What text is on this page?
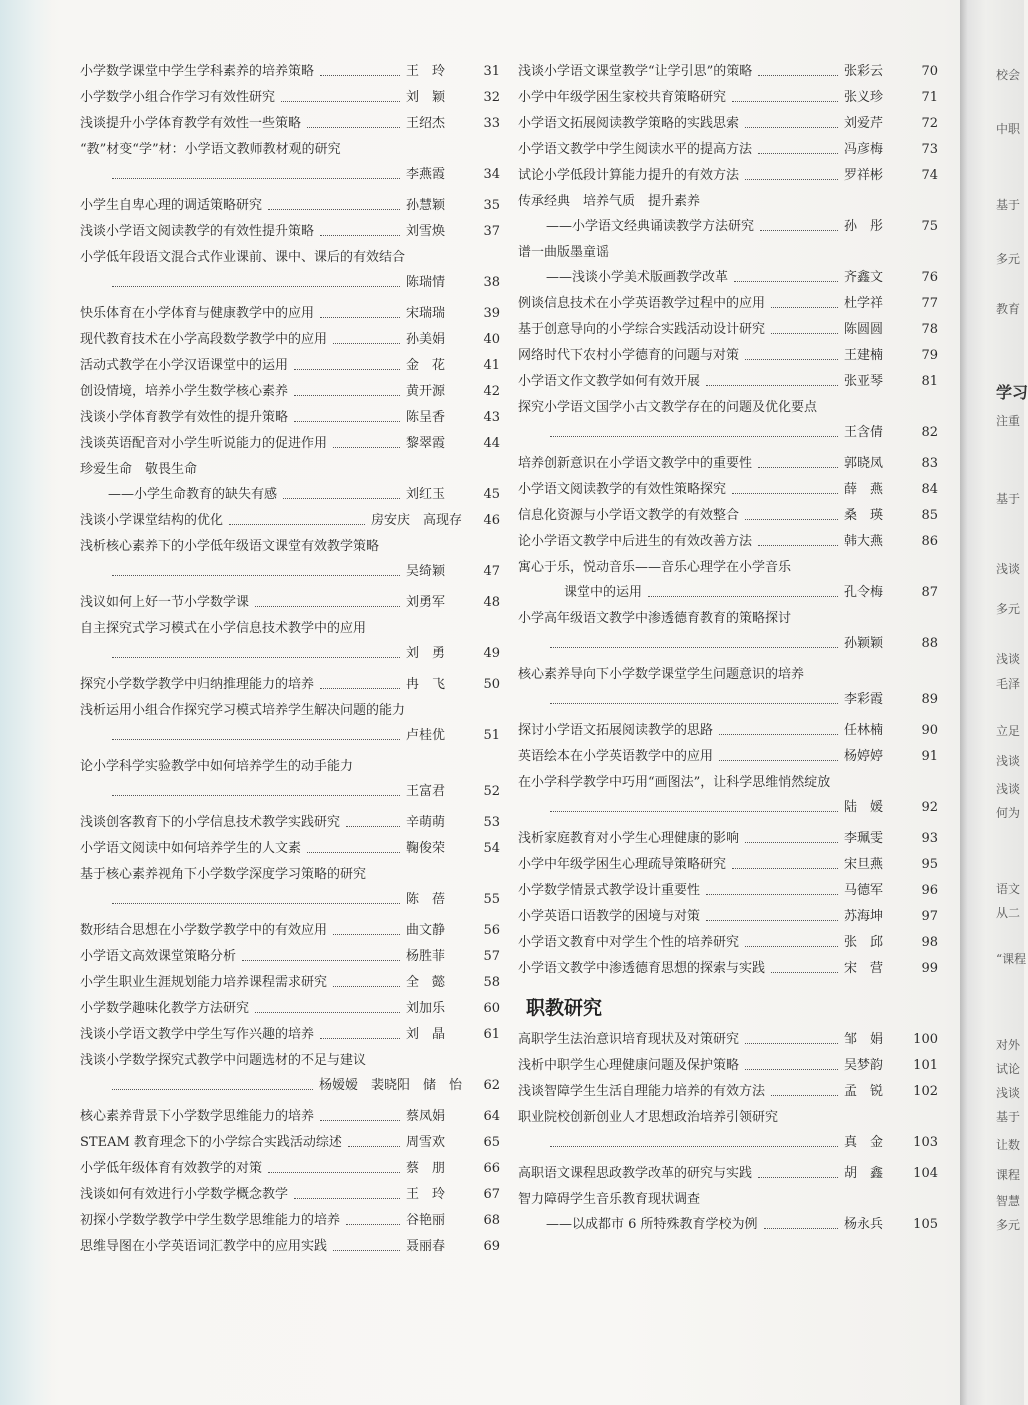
小学数学课堂中学生学科素养的培养策略	王　玲	31
小学数学小组合作学习有效性研究	刘　颖	32
浅谈提升小学体育教学有效性一些策略	王绍杰	33
“教”材变“学”材：小学语文教师教材观的研究
李燕霞	34
小学生自卑心理的调适策略研究	孙慧颖	35
浅谈小学语文阅读教学的有效性提升策略	刘雪焕	37
小学低年段语文混合式作业课前、课中、课后的有效结合
陈瑞情	38
快乐体育在小学体育与健康教学中的应用	宋瑞瑞	39
现代教育技术在小学高段数学教学中的应用	孙美娟	40
活动式教学在小学汉语课堂中的运用	金　花	41
创设情境，培养小学生数学核心素养	黄开源	42
浅谈小学体育教学有效性的提升策略	陈呈香	43
浅谈英语配音对小学生听说能力的促进作用	黎翠霞	44
珍爱生命　敬畏生命
——小学生命教育的缺失有感	刘红玉	45
浅谈小学课堂结构的优化	房安庆　高现存	46
浅析核心素养下的小学低年级语文课堂有效教学策略
吴绮颖	47
浅议如何上好一节小学数学课	刘勇军	48
自主探究式学习模式在小学信息技术教学中的应用
刘　勇	49
探究小学数学教学中归纳推理能力的培养	冉　飞	50
浅析运用小组合作探究学习模式培养学生解决问题的能力
卢桂优	51
论小学科学实验教学中如何培养学生的动手能力
王富君	52
浅谈创客教育下的小学信息技术教学实践研究	辛萌萌	53
小学语文阅读中如何培养学生的人文素	鞠俊荣	54
基于核心素养视角下小学数学深度学习策略的研究
陈　蓓	55
数形结合思想在小学数学教学中的有效应用	曲文静	56
小学语文高效课堂策略分析	杨胜菲	57
小学生职业生涯规划能力培养课程需求研究	全　懿	58
小学数学趣味化教学方法研究	刘加乐	60
浅谈小学语文教学中学生写作兴趣的培养	刘　晶	61
浅谈小学数学探究式教学中问题选材的不足与建议
杨嫒嫒　裴晓阳　储　怡	62
核心素养背景下小学数学思维能力的培养	蔡凤娟	64
STEAM 教育理念下的小学综合实践活动综述	周雪欢	65
小学低年级体育有效教学的对策	蔡　朋	66
浅谈如何有效进行小学数学概念教学	王　玲	67
初探小学数学教学中学生数学思维能力的培养	谷艳丽	68
思维导图在小学英语词汇教学中的应用实践	聂丽春	69
浅谈小学语文课堂教学“让学引思”的策略	张彩云	70
小学中年级学困生家校共育策略研究	张义珍	71
小学语文拓展阅读教学策略的实践思索	刘爱芹	72
小学语文教学中学生阅读水平的提高方法	冯彦梅	73
试论小学低段计算能力提升的有效方法	罗祥彬	74
传承经典　培养气质　提升素养
——小学语文经典诵读教学方法研究	孙　彤	75
谱一曲版墨童谣
——浅谈小学美术版画教学改革	齐鑫文	76
例谈信息技术在小学英语教学过程中的应用	杜学祥	77
基于创意导向的小学综合实践活动设计研究	陈圆圆	78
网络时代下农村小学德育的问题与对策	王建楠	79
小学语文作文教学如何有效开展	张亚琴	81
探究小学语文国学小古文教学存在的问题及优化要点
王含倩	82
培养创新意识在小学语文教学中的重要性	郭晓凤	83
小学语文阅读教学的有效性策略探究	薛　燕	84
信息化资源与小学语文教学的有效整合	桑　瑛	85
论小学语文教学中后进生的有效改善方法	韩大燕	86
寓心于乐，悦动音乐——音乐心理学在小学音乐
课堂中的运用	孔令梅	87
小学高年级语文教学中渗透德育教育的策略探讨
孙颖颖	88
核心素养导向下小学数学课堂学生问题意识的培养
李彩霞	89
探讨小学语文拓展阅读教学的思路	任林楠	90
英语绘本在小学英语教学中的应用	杨婷婷	91
在小学科学教学中巧用“画图法”，让科学思维悄然绽放
陆　媛	92
浅析家庭教育对小学生心理健康的影响	李珮雯	93
小学中年级学困生心理疏导策略研究	宋旦燕	95
小学数学情景式教学设计重要性	马德军	96
小学英语口语教学的困境与对策	苏海坤	97
小学语文教育中对学生个性的培养研究	张　邱	98
小学语文教学中渗透德育思想的探索与实践	宋　营	99
职教研究
高职学生法治意识培育现状及对策研究	邹　娟	100
浅析中职学生心理健康问题及保护策略	吴梦韵	101
浅谈智障学生生活自理能力培养的有效方法	孟　锐	102
职业院校创新创业人才思想政治培养引领研究
真　金	103
高职语文课程思政教学改革的研究与实践	胡　鑫	104
智力障碍学生音乐教育现状调查
——以成都市 6 所特殊教育学校为例	杨永兵	105
校会
中职
基于
多元
教育
学习
注重
基于
浅谈
多元
浅谈
毛泽
立足
浅谈
浅谈
何为
语文
从二
“课程
对外
试论
浅谈
基于
让数
课程
智慧
多元
